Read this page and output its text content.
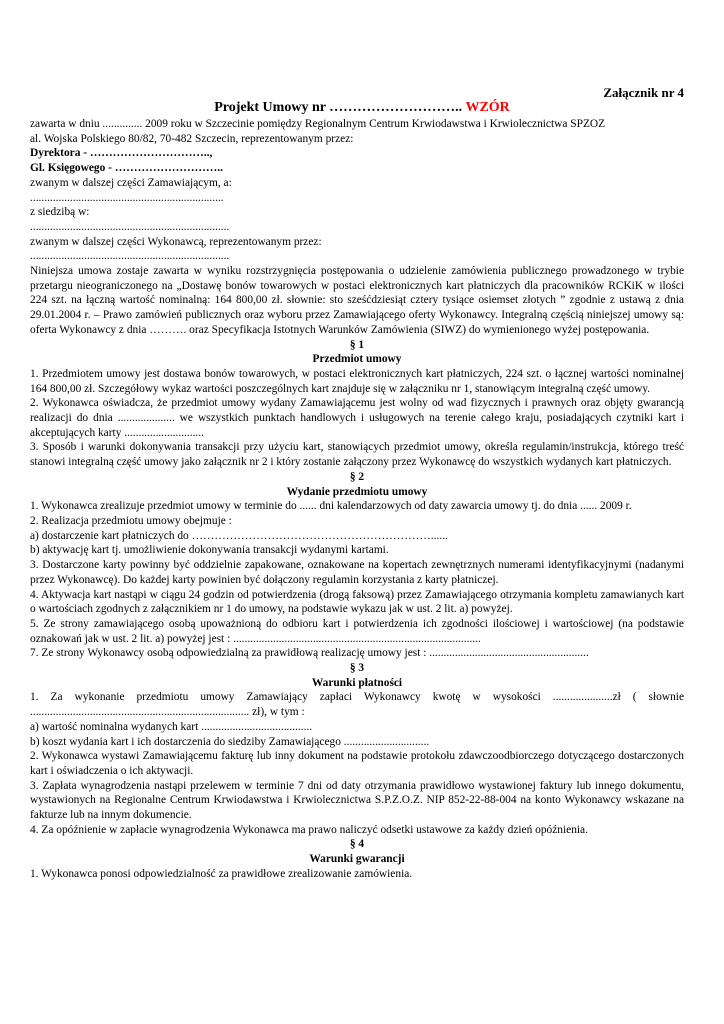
Załącznik nr 4
Projekt Umowy nr ……………………….. WZÓR

zawarta w dniu .............. 2009 roku w Szczecinie pomiędzy Regionalnym Centrum Krwiodawstwa i Krwiolecznictwa SPZOZ

al. Wojska Polskiego 80/82, 70-482 Szczecin, reprezentowanym przez:

Dyrektora - …………………………..,

Gl. Księgowego - ………………………..

zwanym w dalszej części Zamawiającym, a:

....................................................................

z siedzibą w:

......................................................................

zwanym w dalszej części Wykonawcą, reprezentowanym przez:

......................................................................

Niniejsza umowa zostaje zawarta w wyniku rozstrzygnięcia postępowania o udzielenie zamówienia publicznego prowadzonego w trybie przetargu nieograniczonego na „Dostawę bonów towarowych w postaci elektronicznych kart płatniczych dla pracowników RCKiK w ilości 224 szt. na łączną wartość nominalną: 164 800,00 zł. słownie: sto sześćdziesiąt cztery tysiące osiemset złotych ” zgodnie z ustawą z dnia 29.01.2004 r. – Prawo zamówień publicznych oraz wyboru przez Zamawiającego oferty Wykonawcy. Integralną częścią niniejszej umowy są: oferta Wykonawcy z dnia ………. oraz Specyfikacja Istotnych Warunków Zamówienia (SIWZ) do wymienionego wyżej postępowania.

§ 1

Przedmiot umowy

1. Przedmiotem umowy jest dostawa bonów towarowych, w postaci elektronicznych kart płatniczych, 224 szt. o łącznej wartości nominalnej 164 800,00 zł. Szczegółowy wykaz wartości poszczególnych kart znajduje się w załączniku nr 1, stanowiącym integralną część umowy.

2. Wykonawca oświadcza, że przedmiot umowy wydany Zamawiającemu jest wolny od wad fizycznych i prawnych oraz objęty gwarancją realizacji do dnia .................... we wszystkich punktach handlowych i usługowych na terenie całego kraju, posiadających czytniki kart i akceptujących karty ............................

3. Sposób i warunki dokonywania transakcji przy użyciu kart, stanowiących przedmiot umowy, określa regulamin/instrukcja, którego treść stanowi integralną część umowy jako załącznik nr 2 i który zostanie załączony przez Wykonawcę do wszystkich wydanych kart płatniczych.

§ 2

Wydanie przedmiotu umowy

1. Wykonawca zrealizuje przedmiot umowy w terminie do ...... dni kalendarzowych od daty zawarcia umowy tj. do dnia ...... 2009 r.

2. Realizacja przedmiotu umowy obejmuje :

a) dostarczenie kart płatniczych do ………………………………………………………......

b) aktywację kart tj. umożliwienie dokonywania transakcji wydanymi kartami.

3. Dostarczone karty powinny być oddzielnie zapakowane, oznakowane na kopertach zewnętrznych numerami identyfikacyjnymi (nadanymi przez Wykonawcę). Do każdej karty powinien być dołączony regulamin korzystania z karty płatniczej.

4. Aktywacja kart nastąpi w ciągu 24 godzin od potwierdzenia (drogą faksową) przez Zamawiającego otrzymania kompletu zamawianych kart o wartościach zgodnych z załącznikiem nr 1 do umowy, na podstawie wykazu jak w ust. 2 lit. a) powyżej.

5. Ze strony zamawiającego osobą upoważnioną do odbioru kart i potwierdzenia ich zgodności ilościowej i wartościowej (na podstawie oznakowań jak w ust. 2 lit. a) powyżej jest : .......................................................................................

7. Ze strony Wykonawcy osobą odpowiedzialną za prawidłową realizację umowy jest : ........................................................

§ 3

Warunki płatności

1. Za wykonanie przedmiotu umowy Zamawiający zapłaci Wykonawcy kwotę w wysokości .....................zł ( słownie ............................................................................. zł), w tym :

a) wartość nominalna wydanych kart .......................................

b) koszt wydania kart i ich dostarczenia do siedziby Zamawiającego ..............................

2. Wykonawca wystawi Zamawiającemu fakturę lub inny dokument na podstawie protokołu zdawczoodbiorczego dotyczącego dostarczonych kart i oświadczenia o ich aktywacji.

3. Zapłata wynagrodzenia nastąpi przelewem w terminie 7 dni od daty otrzymania prawidłowo wystawionej faktury lub innego dokumentu, wystawionych na Regionalne Centrum Krwiodawstwa i Krwiolecznictwa S.P.Z.O.Z. NIP 852-22-88-004 na konto Wykonawcy wskazane na fakturze lub na innym dokumencie.

4. Za opóźnienie w zapłacie wynagrodzenia Wykonawca ma prawo naliczyć odsetki ustawowe za każdy dzień opóźnienia.

§ 4

Warunki gwarancji

1. Wykonawca ponosi odpowiedzialność za prawidłowe zrealizowanie zamówienia.
